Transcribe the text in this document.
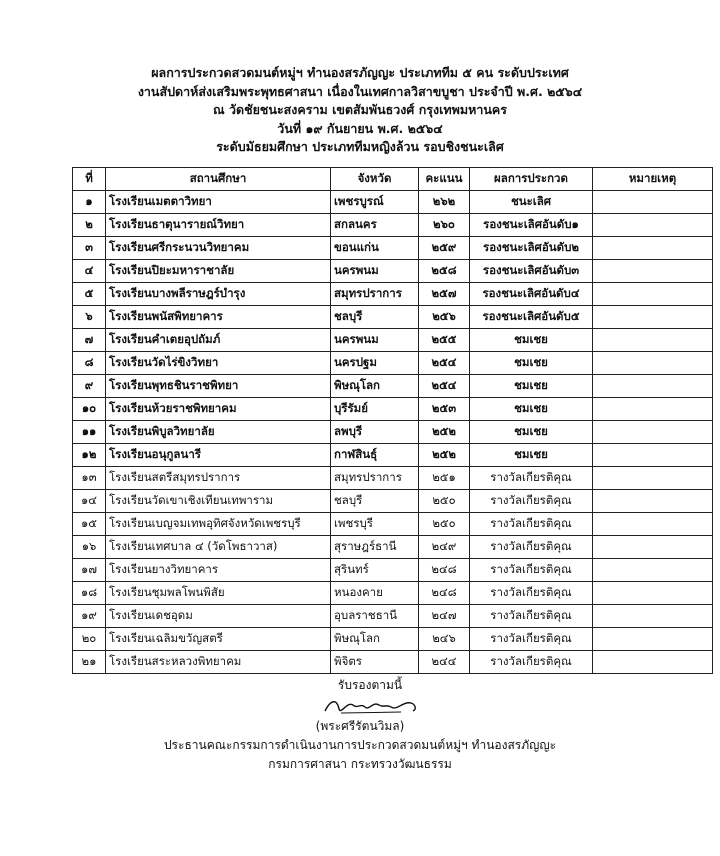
ผลการประกวดสวดมนต์หมู่ฯ ทำนองสรภัญญะ ประเภททีม ๕ คน ระดับประเทศ
งานสัปดาห์ส่งเสริมพระพุทธศาสนา เนื่องในเทศกาลวิสาขบูชา ประจำปี พ.ศ. ๒๕๖๔
ณ วัดชัยชนะสงคราม เขตสัมพันธวงศ์ กรุงเทพมหานคร
วันที่ ๑๙ กันยายน พ.ศ. ๒๕๖๔
ระดับมัธยมศึกษา ประเภททีมหญิงล้วน รอบชิงชนะเลิศ
ที่	สถานศึกษา	จังหวัด	คะแนน	ผลการประกวด	หมายเหตุ
๑	โรงเรียนเมตตาวิทยา	เพชรบูรณ์	๒๖๒	ชนะเลิศ	
๒	โรงเรียนธาตุนารายณ์วิทยา	สกลนคร	๒๖๐	รองชนะเลิศอันดับ๑	
๓	โรงเรียนศรีกระนวนวิทยาคม	ขอนแก่น	๒๕๙	รองชนะเลิศอันดับ๒	
๔	โรงเรียนปิยะมหาราชาลัย	นครพนม	๒๕๘	รองชนะเลิศอันดับ๓	
๕	โรงเรียนบางพลีราษฎร์บำรุง	สมุทรปราการ	๒๕๗	รองชนะเลิศอันดับ๔	
๖	โรงเรียนพนัสพิทยาคาร	ชลบุรี	๒๕๖	รองชนะเลิศอันดับ๕	
๗	โรงเรียนคำเตยอุปถัมภ์	นครพนม	๒๕๕	ชมเชย	
๘	โรงเรียนวัดไร่ขิงวิทยา	นครปฐม	๒๕๔	ชมเชย	
๙	โรงเรียนพุทธชินราชพิทยา	พิษณุโลก	๒๕๔	ชมเชย	
๑๐	โรงเรียนห้วยราชพิทยาคม	บุรีรัมย์	๒๕๓	ชมเชย	
๑๑	โรงเรียนพิบูลวิทยาลัย	ลพบุรี	๒๕๒	ชมเชย	
๑๒	โรงเรียนอนุกูลนารี	กาฬสินธุ์	๒๕๒	ชมเชย	
๑๓	โรงเรียนสตรีสมุทรปราการ	สมุทรปราการ	๒๕๑	รางวัลเกียรติคุณ	
๑๔	โรงเรียนวัดเขาเชิงเทียนเทพาราม	ชลบุรี	๒๕๐	รางวัลเกียรติคุณ	
๑๕	โรงเรียนเบญจมเทพอุทิศจังหวัดเพชรบุรี	เพชรบุรี	๒๕๐	รางวัลเกียรติคุณ	
๑๖	โรงเรียนเทศบาล ๔ (วัดโพธาวาส)	สุราษฎร์ธานี	๒๔๙	รางวัลเกียรติคุณ	
๑๗	โรงเรียนยางวิทยาคาร	สุรินทร์	๒๔๘	รางวัลเกียรติคุณ	
๑๘	โรงเรียนชุมพลโพนพิสัย	หนองคาย	๒๔๘	รางวัลเกียรติคุณ	
๑๙	โรงเรียนเดชอุดม	อุบลราชธานี	๒๔๗	รางวัลเกียรติคุณ	
๒๐	โรงเรียนเฉลิมขวัญสตรี	พิษณุโลก	๒๔๖	รางวัลเกียรติคุณ	
๒๑	โรงเรียนสระหลวงพิทยาคม	พิจิตร	๒๔๔	รางวัลเกียรติคุณ	
รับรองตามนี้
(พระศรีรัตนวิมล)
ประธานคณะกรรมการดำเนินงานการประกวดสวดมนต์หมู่ฯ ทำนองสรภัญญะ
กรมการศาสนา กระทรวงวัฒนธรรม
